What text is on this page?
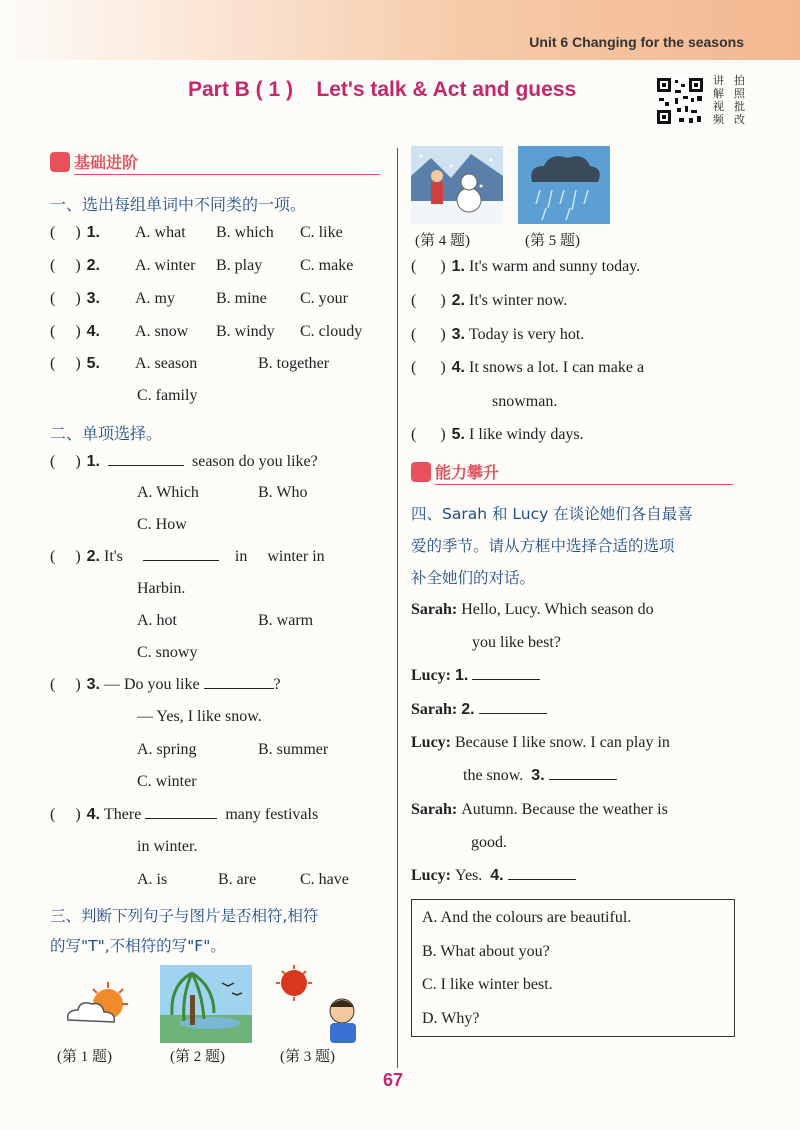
Unit 6 Changing for the seasons
Part B ( 1 ) Let's talk & Act and guess	讲 拍
解 照
视 批
频 改
基础进阶
一、选出每组单词中不同类的一项。
(     ) 1. A. what B. which C. like
(     ) 2. A. winter B. play C. make
(     ) 3. A. my	B. mine C. your
(     ) 4. A. snow B. windy C. cloudy
(     ) 5. A. season	B. together
C. family
二、单项选择。
(     ) 1.	season do you like?
A. Which	B. Who
C. How
(     ) 2. It's	in winter in
Harbin.
A. hot	B. warm
C. snowy
(     ) 3. — Do you like	?
— Yes, I like snow.
A. spring	B. summer
C. winter
(     ) 4. There	many festivals
in winter.
A. is	B. are	C. have
三、判断下列句子与图片是否相符,相符
的写"T",不相符的写"F"。
(第 1 题)	(第 2 题)	(第 3 题)
(第 4 题)	(第 5 题)
(      ) 1. It's warm and sunny today.
(      ) 2. It's winter now.
(      ) 3. Today is very hot.
(      ) 4. It snows a lot. I can make a
snowman.
(      ) 5. I like windy days.
能力攀升
四、Sarah 和 Lucy 在谈论她们各自最喜
爱的季节。请从方框中选择合适的选项
补全她们的对话。
Sarah: Hello, Lucy. Which season do
you like best?
Lucy: 1.
Sarah: 2.
Lucy: Because I like snow. I can play in
the snow. 3.
Sarah: Autumn. Because the weather is
good.
Lucy: Yes. 4.
A. And the colours are beautiful.
B. What about you?
C. I like winter best.
D. Why?
67
